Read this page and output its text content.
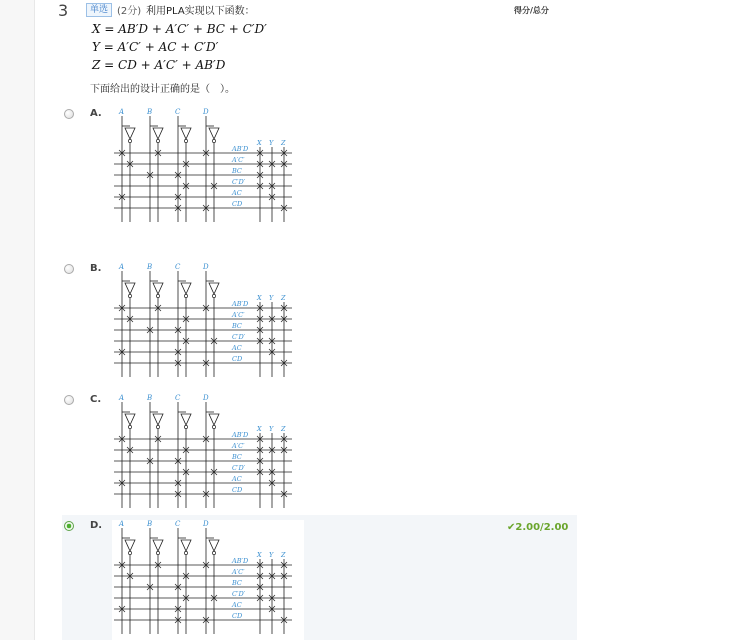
3	单选 (2分) 利用PLA实现以下函数：	得分/总分
X = AB′D + A′C′ + BC + C′D′
Y = A′C′ + AC + C′D′
Z = CD + A′C′ + AB′D
下面给出的设计正确的是（　）。
A. A	B	C	D
AB′D
A′C′
BC
C′D′
AC
CD
X Y Z
B.	A	B	C	D
AB′D
A′C′
BC
C′D′
AC
CD
X Y Z
C.	A	B	C	D
AB′D
A′C′
BC
C′D′
AC
CD
X Y Z
D. A	B	C	D
AB′D
A′C′
BC
C′D′
AC
CD
X Y Z
✔2.00/2.00
